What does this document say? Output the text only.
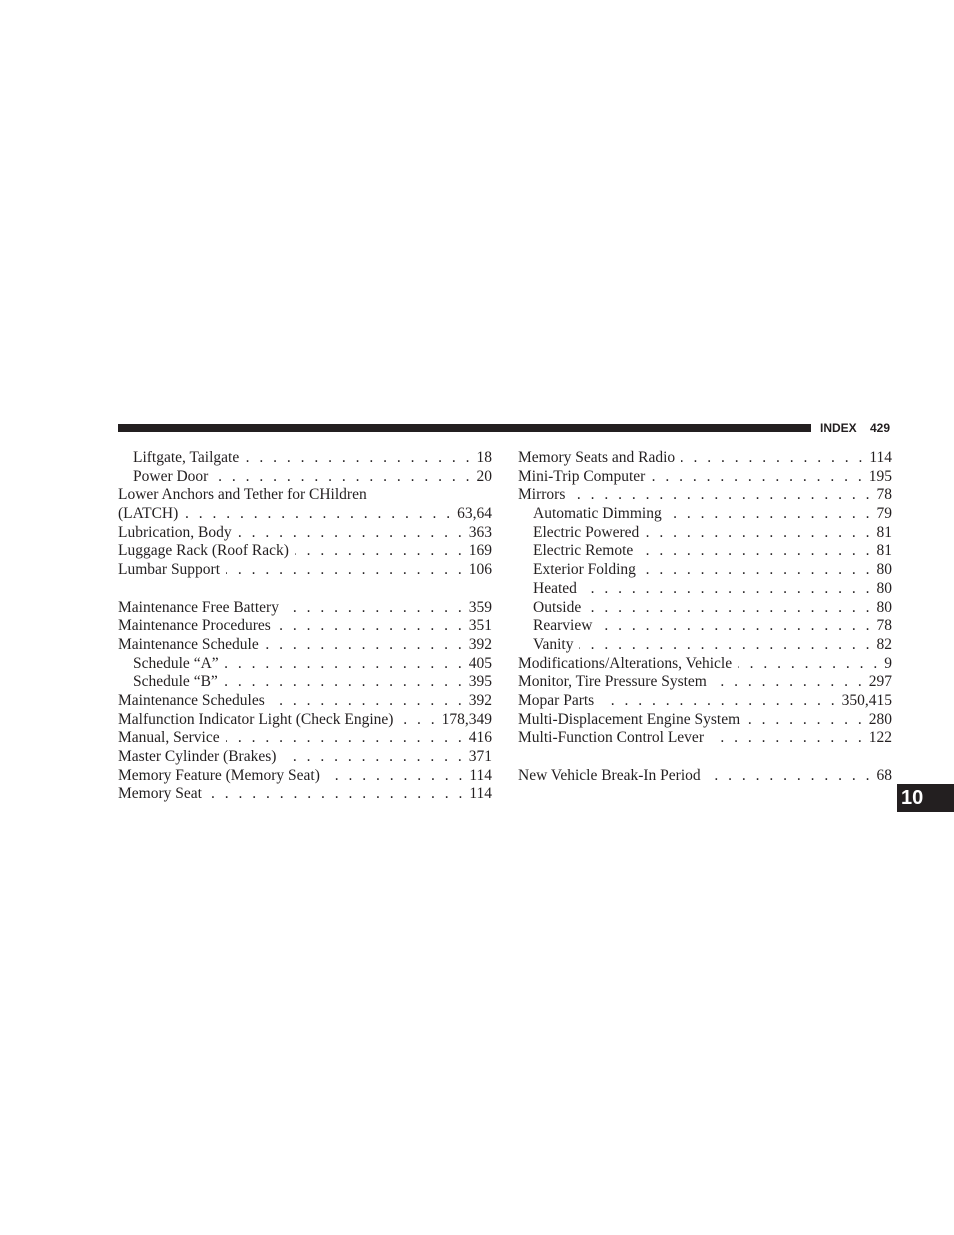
INDEX 429
Liftgate, Tailgate . . .	18
Power Door . . .	20
Lower Anchors and Tether for CHildren
(LATCH) . . .	63,64
Lubrication, Body . . .	363
Luggage Rack (Roof Rack) . . .	169
Lumbar Support . . .	106
Maintenance Free Battery . . .	359
Maintenance Procedures . . .	351
Maintenance Schedule . . .	392
Schedule “A” . . .	405
Schedule “B” . . .	395
Maintenance Schedules . . .	392
Malfunction Indicator Light (Check Engine) . . .	178,349
Manual, Service . . .	416
Master Cylinder (Brakes) . . .	371
Memory Feature (Memory Seat) . . .	114
Memory Seat . . .	114
Memory Seats and Radio . . .	114
Mini-Trip Computer . . .	195
Mirrors . . .	78
Automatic Dimming . . .	79
Electric Powered . . .	81
Electric Remote . . .	81
Exterior Folding . . .	80
Heated . . .	80
Outside . . .	80
Rearview . . .	78
Vanity . . .	82
Modifications/Alterations, Vehicle . . .	9
Monitor, Tire Pressure System . . .	297
Mopar Parts . . .	350,415
Multi-Displacement Engine System . . .	280
Multi-Function Control Lever . . .	122
New Vehicle Break-In Period . . .	68
10
